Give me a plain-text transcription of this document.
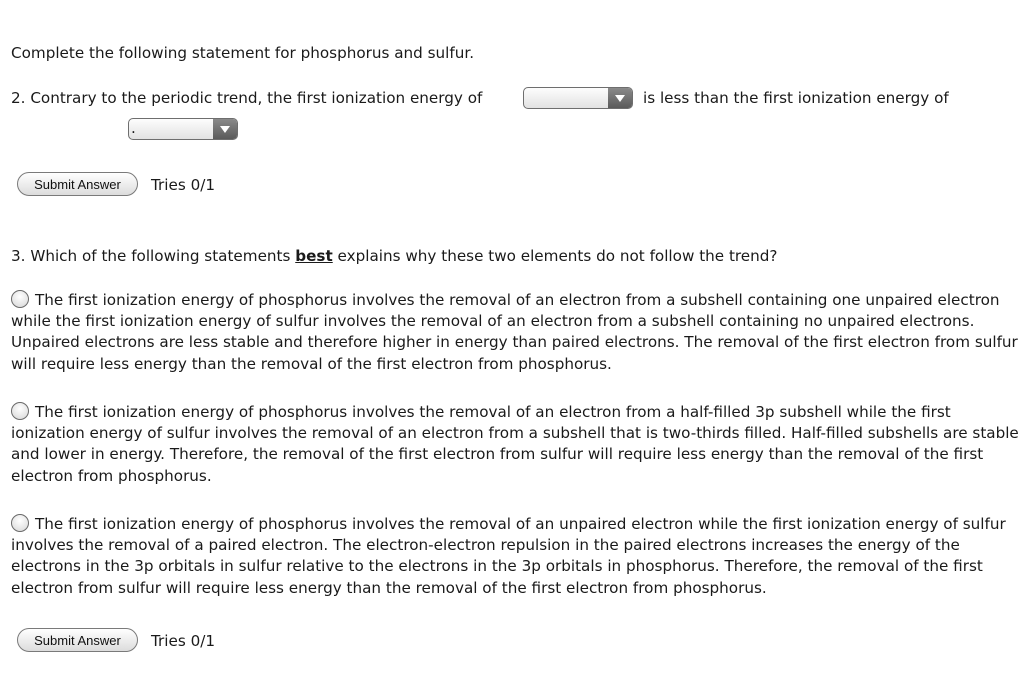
Complete the following statement for phosphorus and sulfur.
2. Contrary to the periodic trend, the first ionization energy of
	is less than the first ionization energy of
.
Submit Answer	Tries 0/1
3. Which of the following statements best explains why these two elements do not follow the trend?
The first ionization energy of phosphorus involves the removal of an electron from a subshell containing one unpaired electron while the first ionization energy of sulfur involves the removal of an electron from a subshell containing no unpaired electrons. Unpaired electrons are less stable and therefore higher in energy than paired electrons. The removal of the first electron from sulfur will require less energy than the removal of the first electron from phosphorus.
The first ionization energy of phosphorus involves the removal of an electron from a half-filled 3p subshell while the first ionization energy of sulfur involves the removal of an electron from a subshell that is two-thirds filled. Half-filled subshells are stable and lower in energy. Therefore, the removal of the first electron from sulfur will require less energy than the removal of the first electron from phosphorus.
The first ionization energy of phosphorus involves the removal of an unpaired electron while the first ionization energy of sulfur involves the removal of a paired electron. The electron-electron repulsion in the paired electrons increases the energy of the electrons in the 3p orbitals in sulfur relative to the electrons in the 3p orbitals in phosphorus. Therefore, the removal of the first electron from sulfur will require less energy than the removal of the first electron from phosphorus.
Submit Answer	Tries 0/1
